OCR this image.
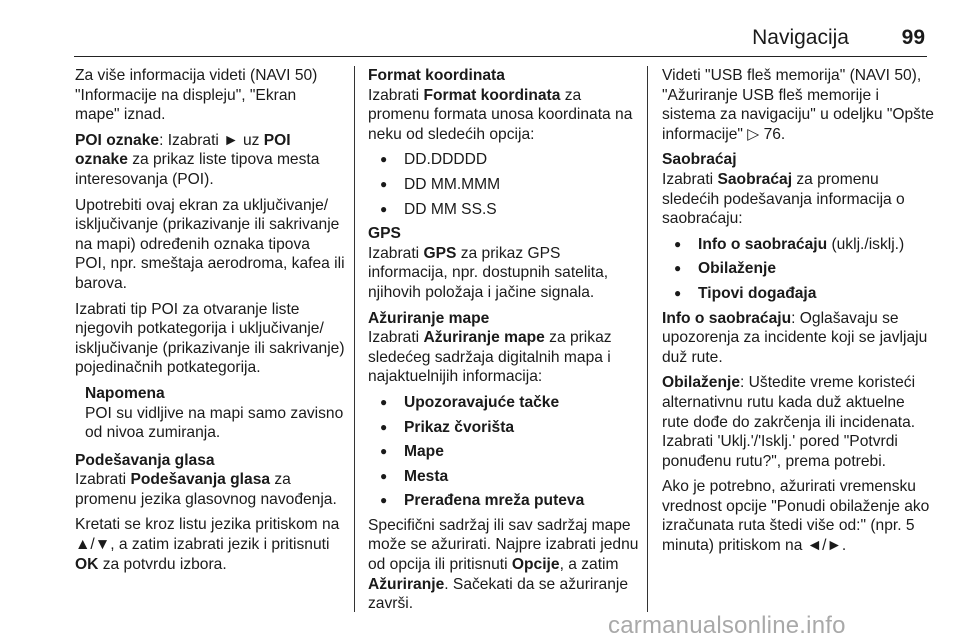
Navigacija	99

Za više informacija videti (NAVI 50) "Informacije na displeju", "Ekran mape" iznad.

POI oznake: Izabrati ► uz POI oznake za prikaz liste tipova mesta interesovanja (POI).

Upotrebiti ovaj ekran za uključivanje/ isključivanje (prikazivanje ili sakrivanje na mapi) određenih oznaka tipova POI, npr. smeštaja aerodroma, kafea ili barova.

Izabrati tip POI za otvaranje liste njegovih potkategorija i uključivanje/ isključivanje (prikazivanje ili sakrivanje) pojedinačnih potkategorija.

Napomena
POI su vidljive na mapi samo zavisno od nivoa zumiranja.
Podešavanja glasa

Izabrati Podešavanja glasa za promenu jezika glasovnog navođenja.

Kretati se kroz listu jezika pritiskom na ▲/▼, a zatim izabrati jezik i pritisnuti OK za potvrdu izbora.

Format koordinata

Izabrati Format koordinata za promenu formata unosa koordinata na neku od sledećih opcija:

● DD.DDDDD
● DD MM.MMM
● DD MM SS.S
GPS

Izabrati GPS za prikaz GPS informacija, npr. dostupnih satelita, njihovih položaja i jačine signala.

Ažuriranje mape

Izabrati Ažuriranje mape za prikaz sledećeg sadržaja digitalnih mapa i najaktuelnijih informacija:

● Upozoravajuće tačke
● Prikaz čvorišta
● Mape
● Mesta
● Prerađena mreža puteva

Specifični sadržaj ili sav sadržaj mape može se ažurirati. Najpre izabrati jednu od opcija ili pritisnuti Opcije, a zatim Ažuriranje. Sačekati da se ažuriranje završi.

Videti "USB fleš memorija" (NAVI 50), "Ažuriranje USB fleš memorije i sistema za navigaciju" u odeljku "Opšte informacije" ▷ 76.

Saobraćaj

Izabrati Saobraćaj za promenu sledećih podešavanja informacija o saobraćaju:

● Info o saobraćaju (uklj./isklj.)
● Obilaženje
● Tipovi događaja

Info o saobraćaju: Oglašavaju se upozorenja za incidente koji se javljaju duž rute.

Obilaženje: Uštedite vreme koristeći alternativnu rutu kada duž aktuelne rute dođe do zakrčenja ili incidenata. Izabrati 'Uklj.'/'Isklj.' pored "Potvrdi ponuđenu rutu?", prema potrebi.

Ako je potrebno, ažurirati vremensku vrednost opcije "Ponudi obilaženje ako izračunata ruta štedi više od:" (npr. 5 minuta) pritiskom na ◄/►.

carmanualsonline.info
